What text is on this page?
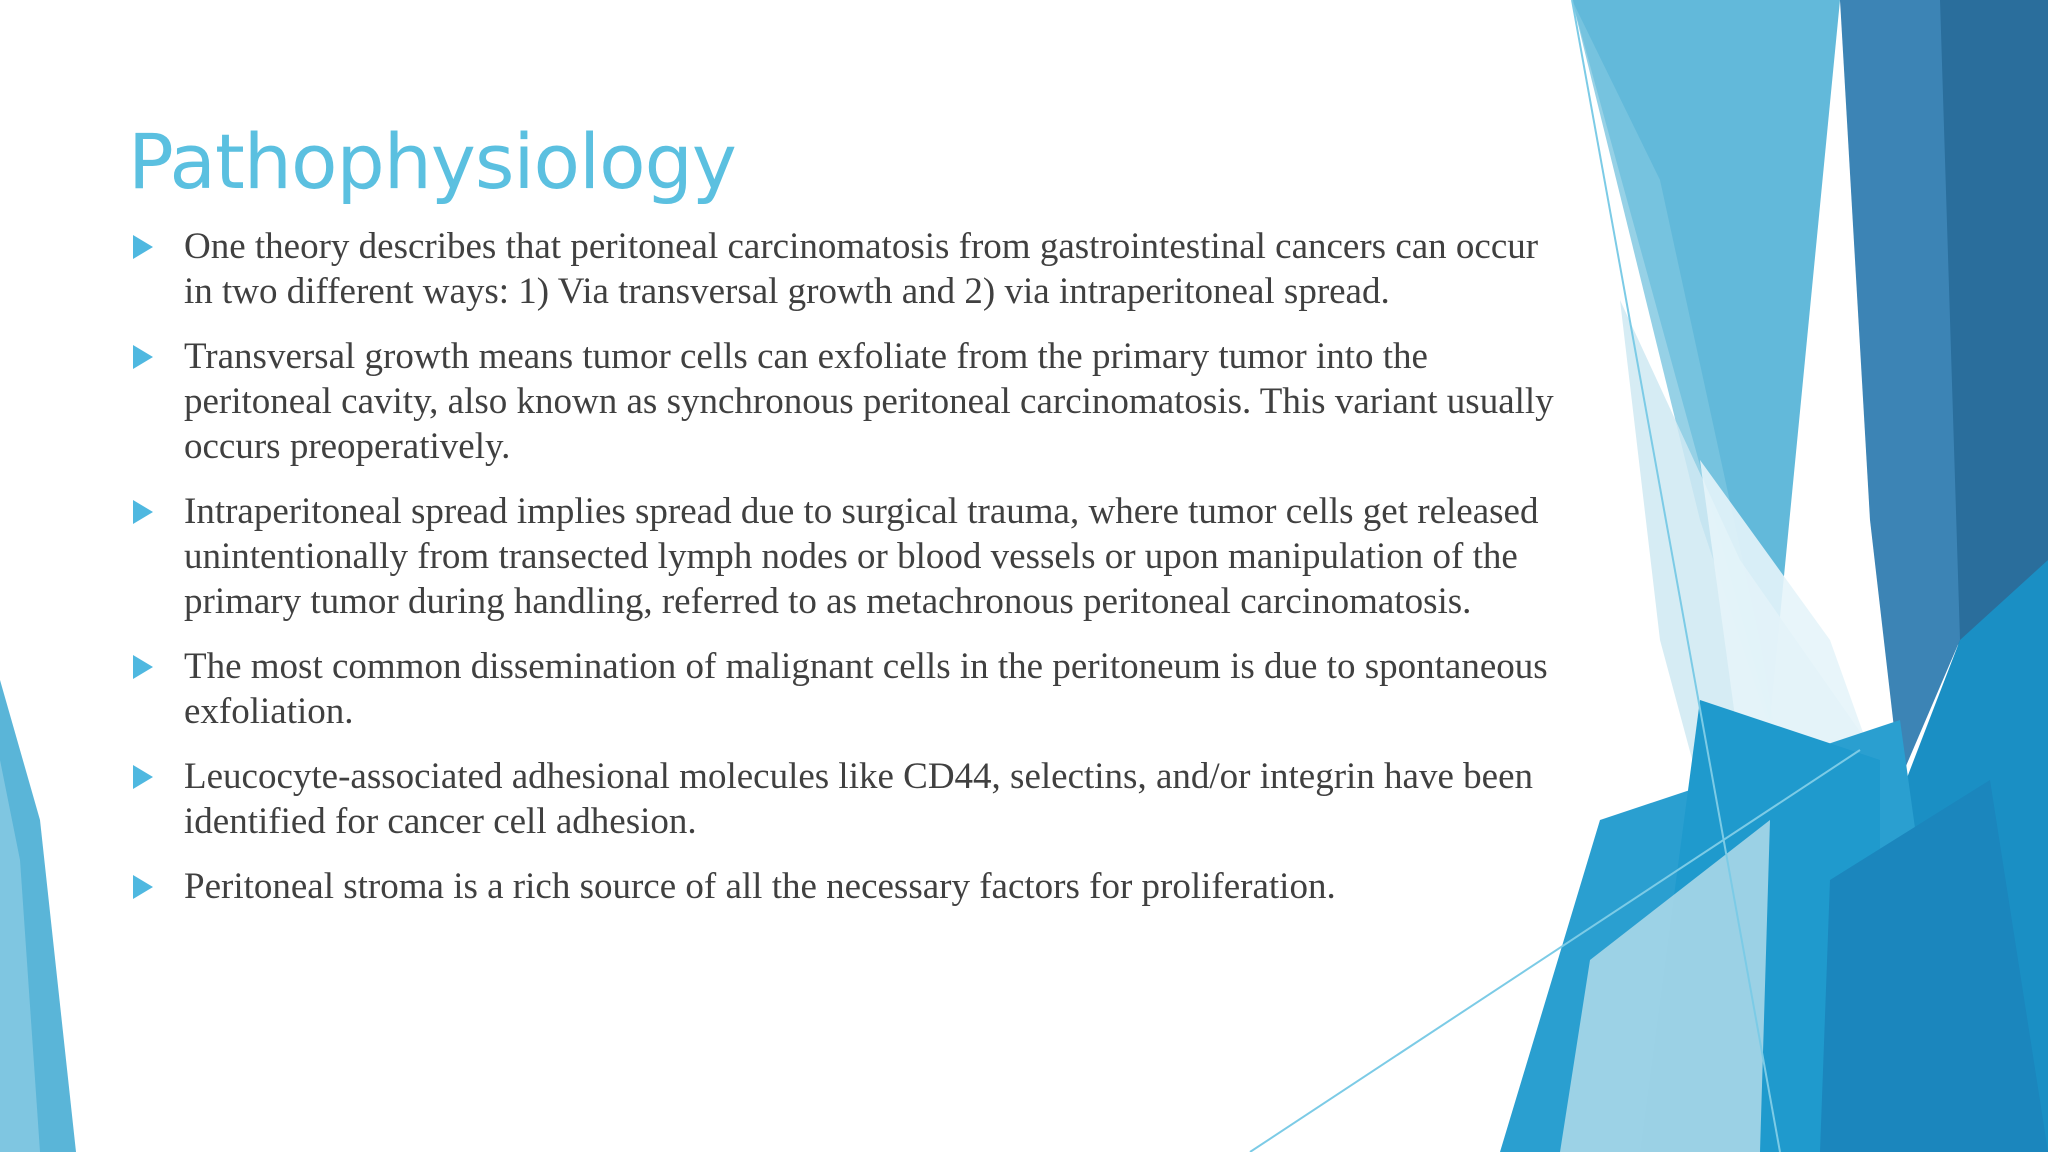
Pathophysiology
One theory describes that peritoneal carcinomatosis from gastrointestinal cancers can occur in two different ways: 1) Via transversal growth and 2) via intraperitoneal spread.
Transversal growth means tumor cells can exfoliate from the primary tumor into the peritoneal cavity, also known as synchronous peritoneal carcinomatosis. This variant usually occurs preoperatively.
Intraperitoneal spread implies spread due to surgical trauma, where tumor cells get released unintentionally from transected lymph nodes or blood vessels or upon manipulation of the primary tumor during handling, referred to as metachronous peritoneal carcinomatosis.
The most common dissemination of malignant cells in the peritoneum is due to spontaneous exfoliation.
Leucocyte-associated adhesional molecules like CD44, selectins, and/or integrin have been identified for cancer cell adhesion.
Peritoneal stroma is a rich source of all the necessary factors for proliferation.
